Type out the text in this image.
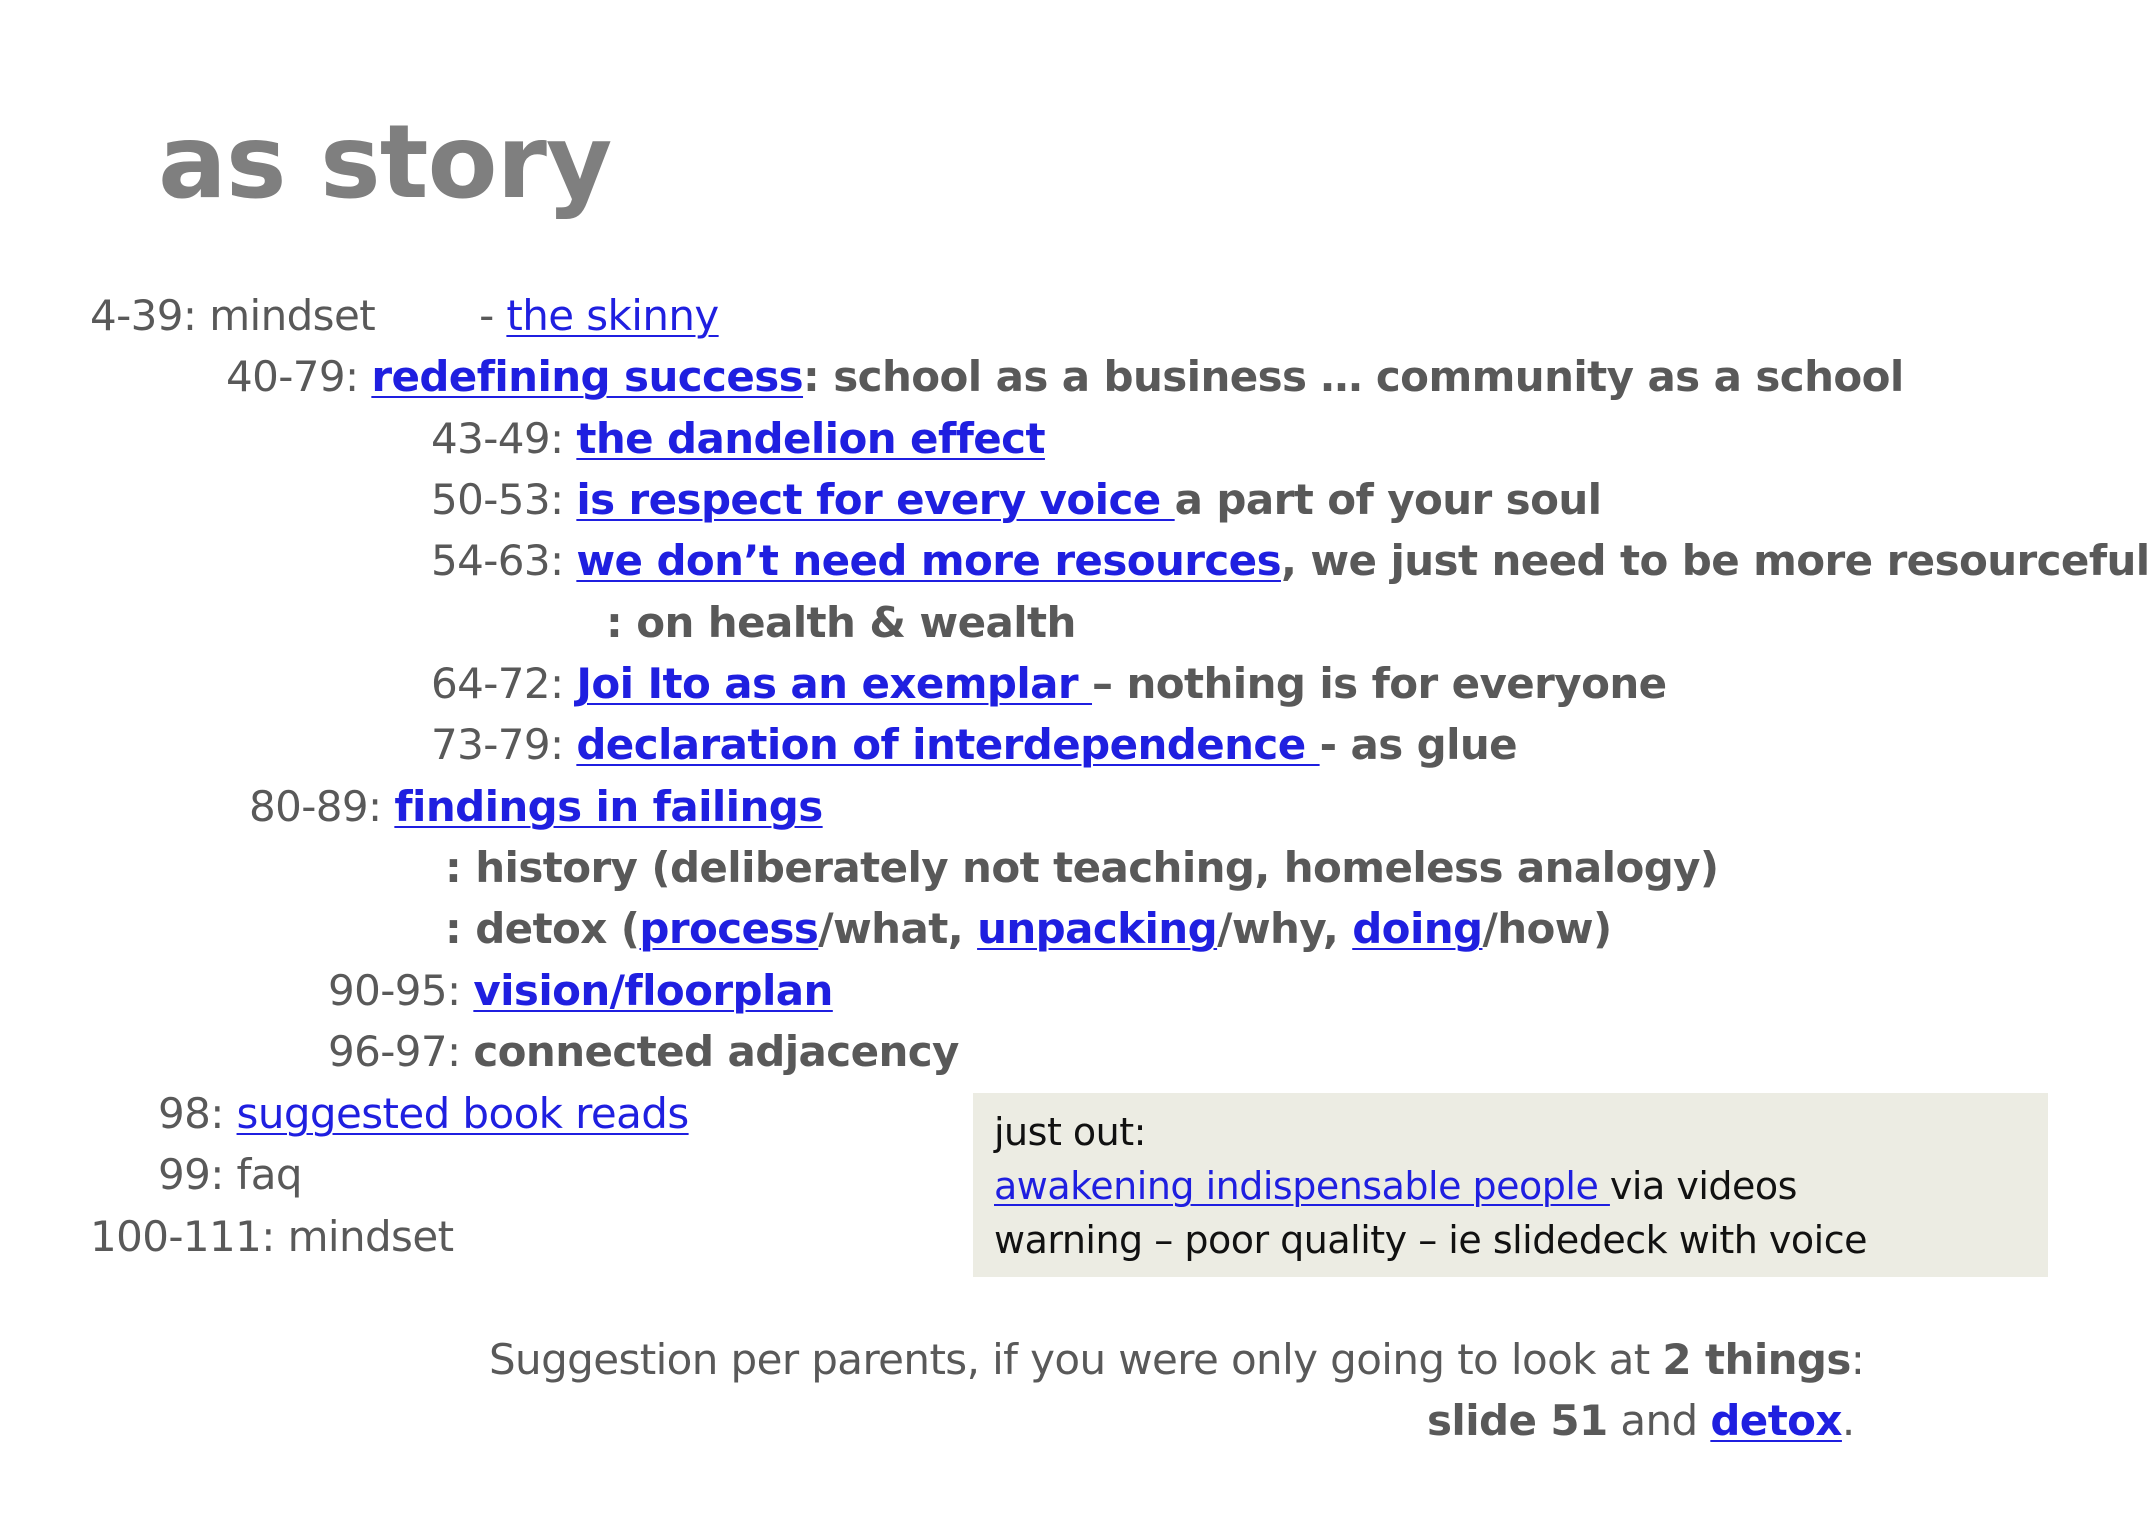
as story
4-39: mindset - the skinny
40-79: redefining success: school as a business … community as a school
43-49: the dandelion effect
50-53: is respect for every voice a part of your soul
54-63: we don’t need more resources, we just need to be more resourceful
: on health & wealth
64-72: Joi Ito as an exemplar – nothing is for everyone
73-79: declaration of interdependence - as glue
80-89: findings in failings
: history (deliberately not teaching, homeless analogy)
: detox (process/what, unpacking/why, doing/how)
90-95: vision/floorplan
96-97: connected adjacency
98: suggested book reads
99: faq
100-111: mindset
just out:
awakening indispensable people via videos
warning – poor quality – ie slidedeck with voice
Suggestion per parents, if you were only going to look at 2 things:
slide 51 and detox.
